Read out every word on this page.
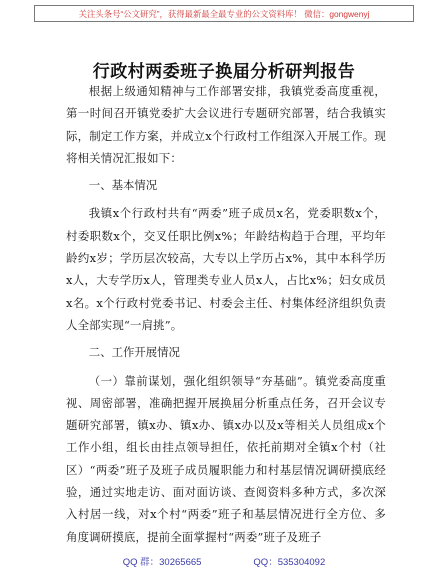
关注头条号“公文研究”，获得最新最全最专业的公文资料库！ 微信：gongwenyj
行政村两委班子换届分析研判报告

根据上级通知精神与工作部署安排，我镇党委高度重视，第一时间召开镇党委扩大会议进行专题研究部署，结合我镇实际，制定工作方案，并成立x个行政村工作组深入开展工作。现将相关情况汇报如下：

一、基本情况

我镇x个行政村共有“两委”班子成员x名，党委职数x个，村委职数x个，交叉任职比例x%；年龄结构趋于合理，平均年龄约x岁；学历层次较高，大专以上学历占x%，其中本科学历x人，大专学历x人，管理类专业人员x人，占比x%；妇女成员x名。x个行政村党委书记、村委会主任、村集体经济组织负责人全部实现“一肩挑”。

二、工作开展情况

（一）靠前谋划，强化组织领导“夯基础”。镇党委高度重视、周密部署，准确把握开展换届分析重点任务，召开会议专题研究部署，镇x办、镇x办、镇x办以及x等相关人员组成x个工作小组，组长由挂点领导担任，依托前期对全镇x个村（社区）“两委”班子及班子成员履职能力和村基层情况调研摸底经验，通过实地走访、面对面访谈、查阅资料多种方式，多次深入村居一线，对x个村“两委”班子和基层情况进行全方位、多角度调研摸底，提前全面掌握村“两委”班子及班子

QQ 群：30265665	QQ：535304092
